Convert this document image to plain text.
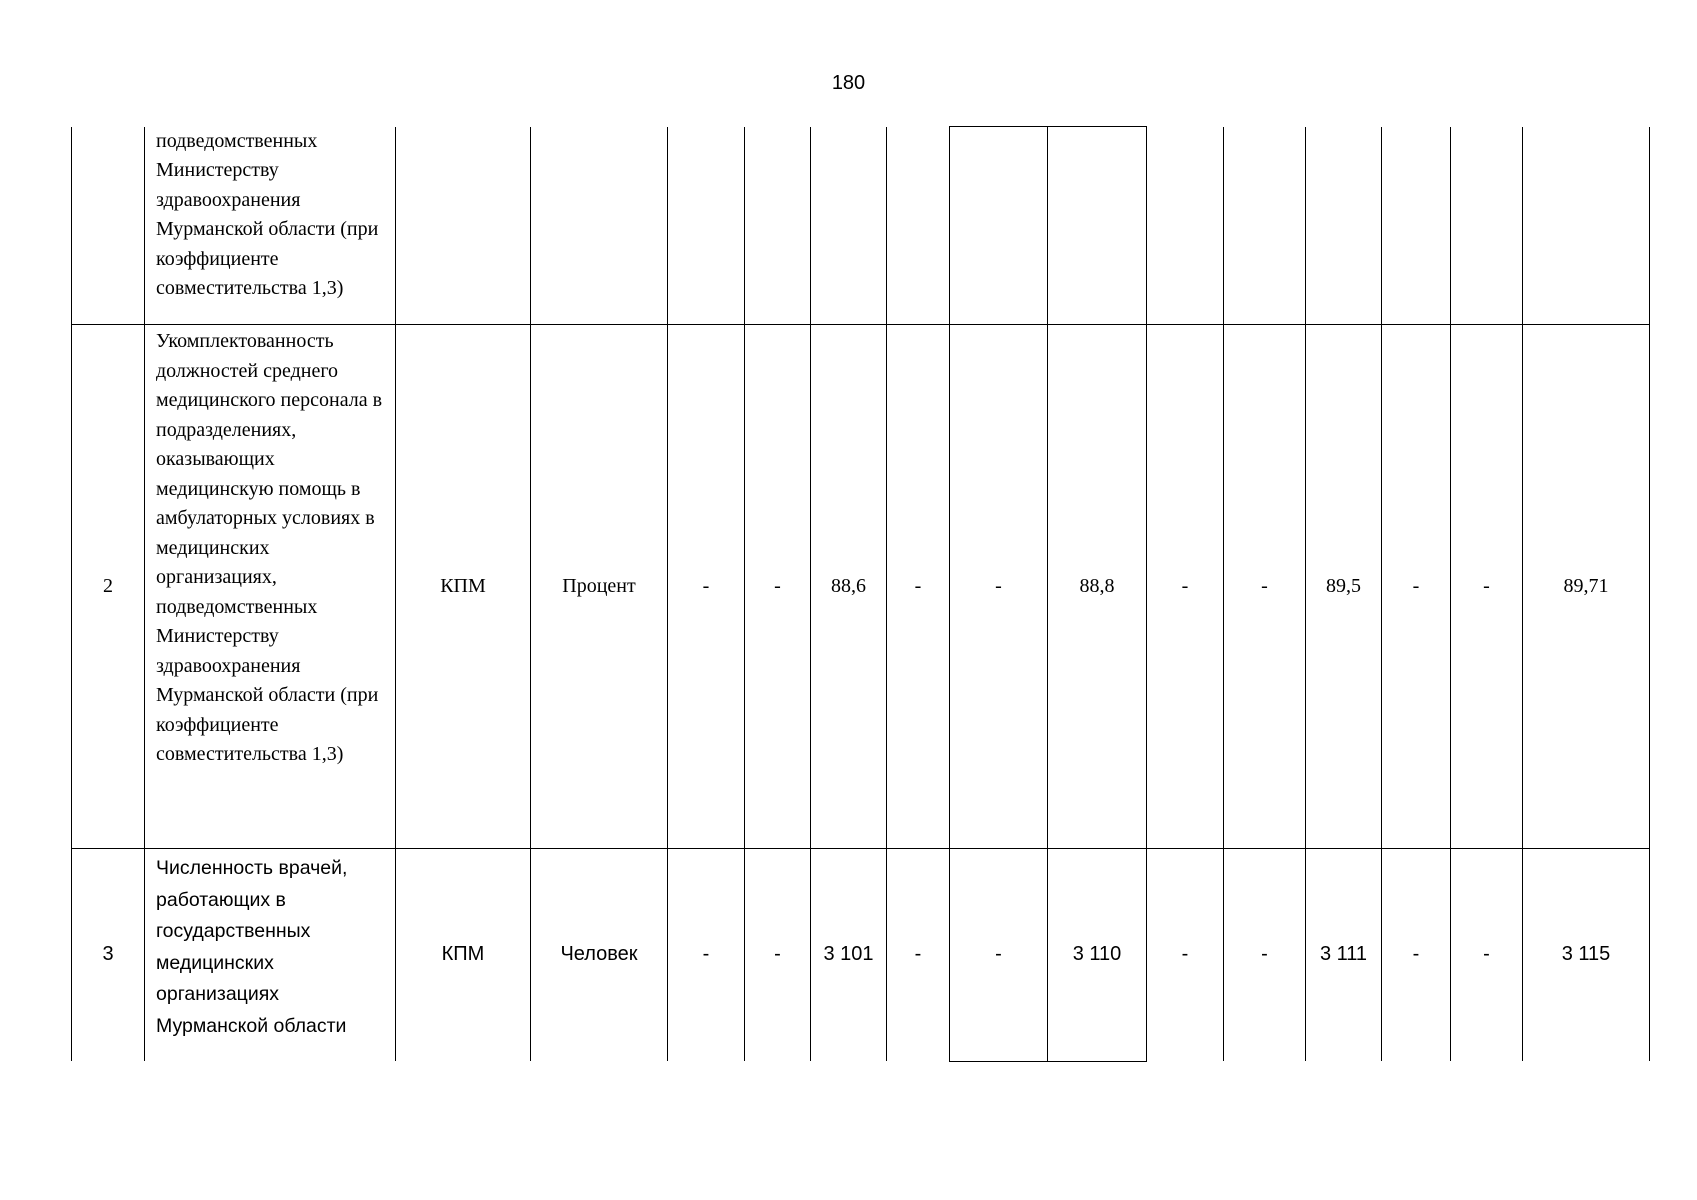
180
	подведомственных Министерству здравоохранения Мурманской области (при коэффициенте совместительства 1,3)														
2	Укомплектованность должностей среднего медицинского персонала в подразделениях, оказывающих медицинскую помощь в амбулаторных условиях в медицинских организациях, подведомственных Министерству здравоохранения Мурманской области (при коэффициенте совместительства 1,3)	КПМ	Процент	-	-	88,6	-	-	88,8	-	-	89,5	-	-	89,71
3	Численность врачей, работающих в государственных медицинских организациях Мурманской области	КПМ	Человек	-	-	3 101	-	-	3 110	-	-	3 111	-	-	3 115
